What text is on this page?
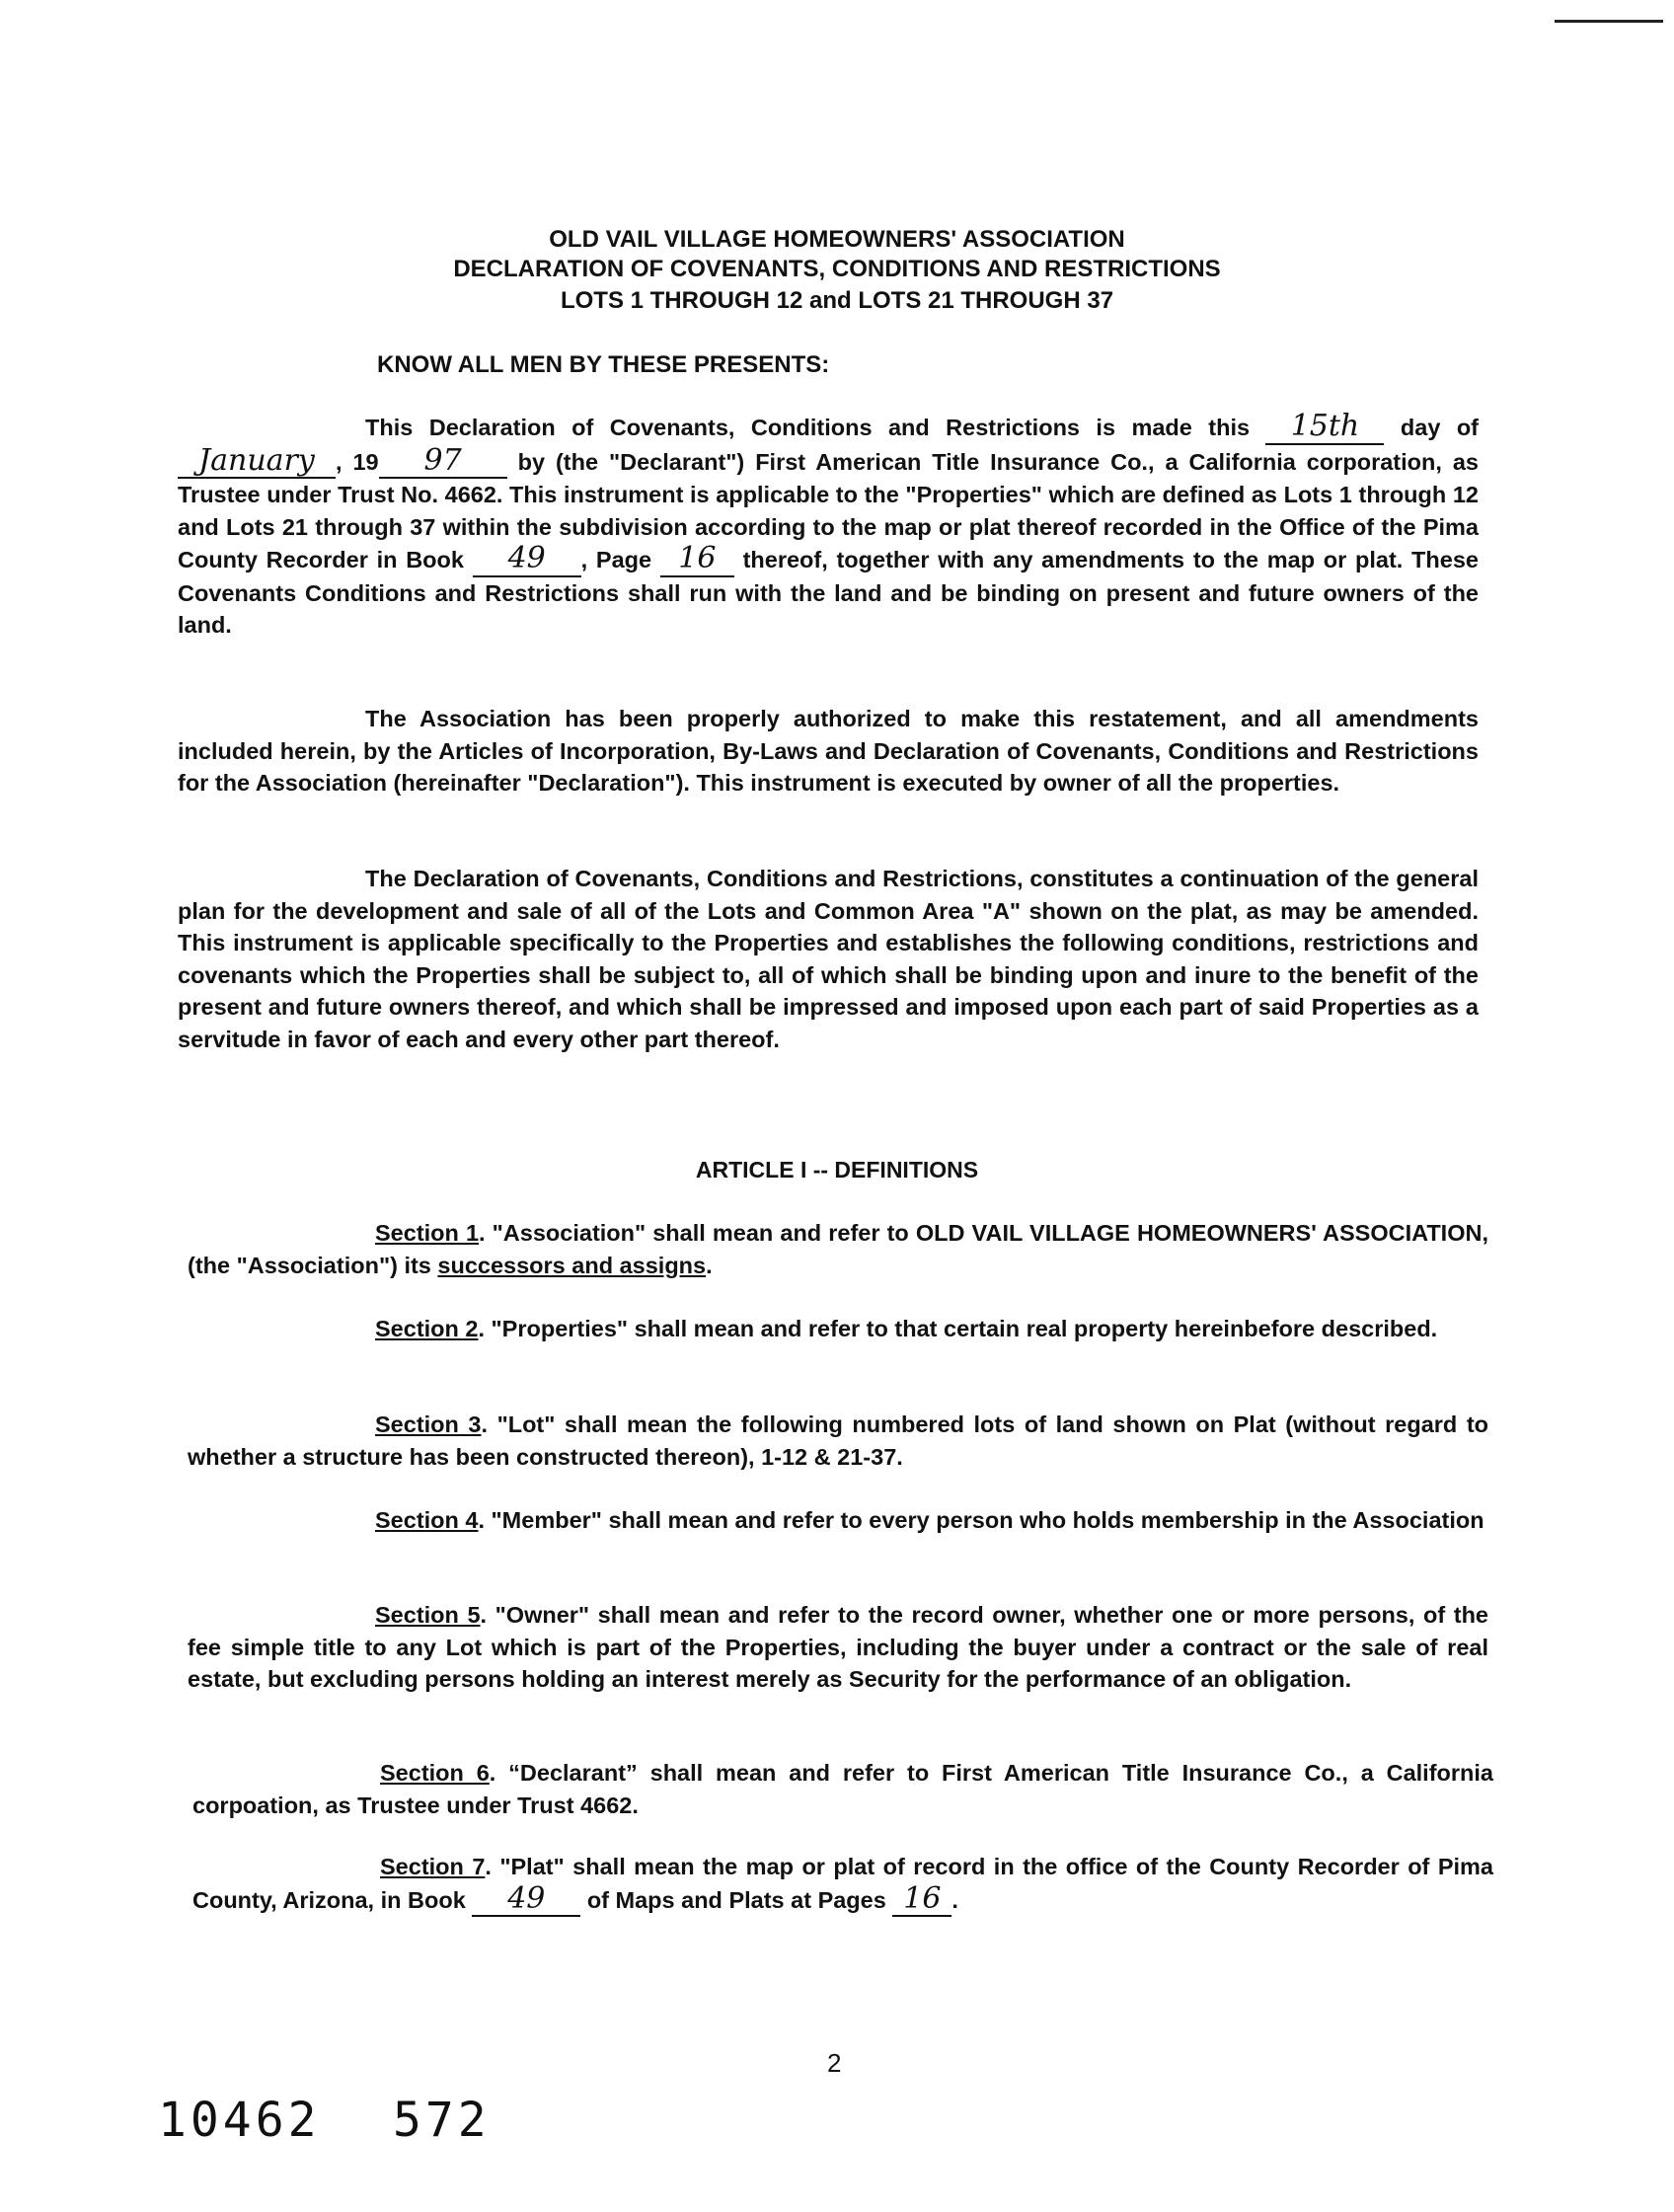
OLD VAIL VILLAGE HOMEOWNERS' ASSOCIATION
DECLARATION OF COVENANTS, CONDITIONS AND RESTRICTIONS
LOTS 1 THROUGH 12 and LOTS 21 THROUGH 37
KNOW ALL MEN BY THESE PRESENTS:
This Declaration of Covenants, Conditions and Restrictions is made this 15th day of January , 19 97 by (the "Declarant") First American Title Insurance Co., a California corporation, as Trustee under Trust No. 4662. This instrument is applicable to the "Properties" which are defined as Lots 1 through 12 and Lots 21 through 37 within the subdivision according to the map or plat thereof recorded in the Office of the Pima County Recorder in Book 49 , Page 16 thereof, together with any amendments to the map or plat. These Covenants Conditions and Restrictions shall run with the land and be binding on present and future owners of the land.
The Association has been properly authorized to make this restatement, and all amendments included herein, by the Articles of Incorporation, By-Laws and Declaration of Covenants, Conditions and Restrictions for the Association (hereinafter "Declaration"). This instrument is executed by owner of all the properties.
The Declaration of Covenants, Conditions and Restrictions, constitutes a continuation of the general plan for the development and sale of all of the Lots and Common Area "A" shown on the plat, as may be amended. This instrument is applicable specifically to the Properties and establishes the following conditions, restrictions and covenants which the Properties shall be subject to, all of which shall be binding upon and inure to the benefit of the present and future owners thereof, and which shall be impressed and imposed upon each part of said Properties as a servitude in favor of each and every other part thereof.
ARTICLE I -- DEFINITIONS
Section 1. "Association" shall mean and refer to OLD VAIL VILLAGE HOMEOWNERS' ASSOCIATION, (the "Association") its successors and assigns.
Section 2. "Properties" shall mean and refer to that certain real property hereinbefore described.
Section 3. "Lot" shall mean the following numbered lots of land shown on Plat (without regard to whether a structure has been constructed thereon), 1-12 & 21-37.
Section 4. "Member" shall mean and refer to every person who holds membership in the Association
Section 5. "Owner" shall mean and refer to the record owner, whether one or more persons, of the fee simple title to any Lot which is part of the Properties, including the buyer under a contract or the sale of real estate, but excluding persons holding an interest merely as Security for the performance of an obligation.
Section 6. “Declarant” shall mean and refer to First American Title Insurance Co., a California corpoation, as Trustee under Trust 4662.
Section 7. "Plat" shall mean the map or plat of record in the office of the County Recorder of Pima County, Arizona, in Book 49 of Maps and Plats at Pages 16 .
2
10462 572
